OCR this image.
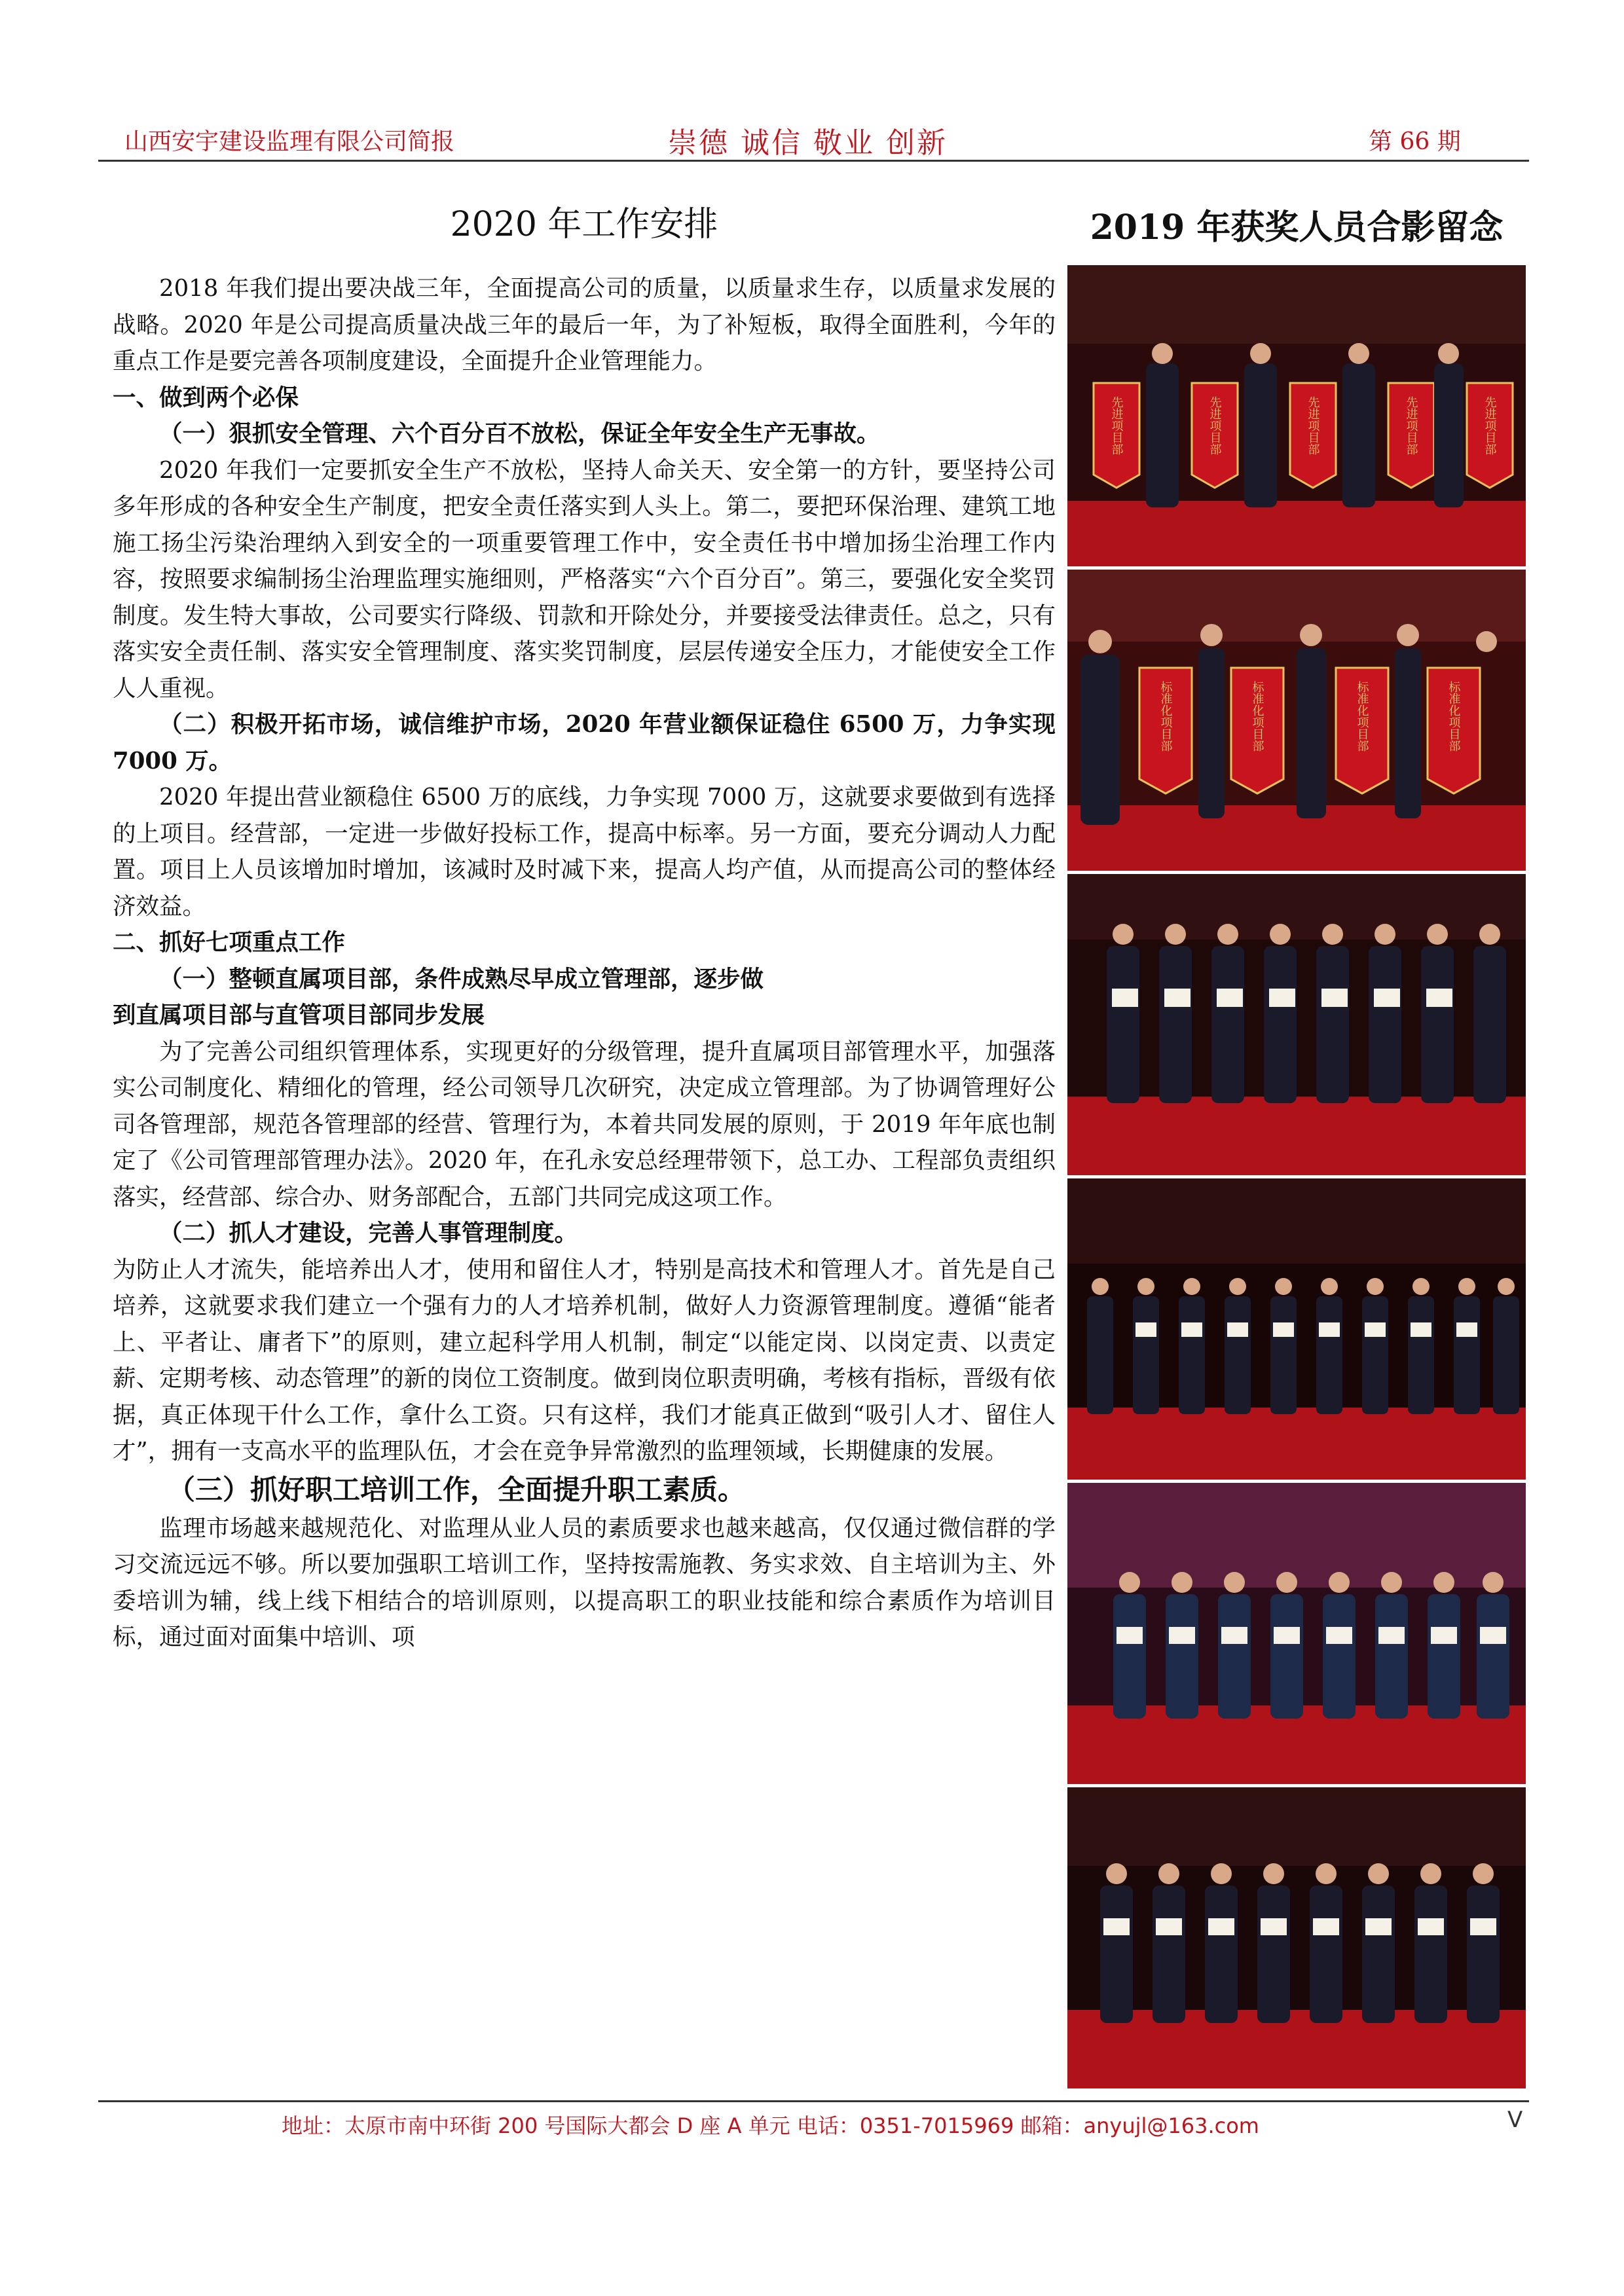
山西安宇建设监理有限公司简报	崇德 诚信 敬业 创新	第 66 期
2020 年工作安排

2018 年我们提出要决战三年，全面提高公司的质量，以质量求生存，以质量求发展的战略。2020 年是公司提高质量决战三年的最后一年，为了补短板，取得全面胜利，今年的重点工作是要完善各项制度建设，全面提升企业管理能力。

一、做到两个必保

（一）狠抓安全管理、六个百分百不放松，保证全年安全生产无事故。

2020 年我们一定要抓安全生产不放松，坚持人命关天、安全第一的方针，要坚持公司多年形成的各种安全生产制度，把安全责任落实到人头上。第二，要把环保治理、建筑工地施工扬尘污染治理纳入到安全的一项重要管理工作中，安全责任书中增加扬尘治理工作内容，按照要求编制扬尘治理监理实施细则，严格落实“六个百分百”。第三，要强化安全奖罚制度。发生特大事故，公司要实行降级、罚款和开除处分，并要接受法律责任。总之，只有落实安全责任制、落实安全管理制度、落实奖罚制度，层层传递安全压力，才能使安全工作人人重视。

（二）积极开拓市场，诚信维护市场，2020 年营业额保证稳住 6500 万，力争实现 7000 万。

2020 年提出营业额稳住 6500 万的底线，力争实现 7000 万，这就要求要做到有选择的上项目。经营部，一定进一步做好投标工作，提高中标率。另一方面，要充分调动人力配置。项目上人员该增加时增加，该减时及时减下来，提高人均产值，从而提高公司的整体经济效益。

二、抓好七项重点工作

（一）整顿直属项目部，条件成熟尽早成立管理部，逐步做

到直属项目部与直管项目部同步发展

为了完善公司组织管理体系，实现更好的分级管理，提升直属项目部管理水平，加强落实公司制度化、精细化的管理，经公司领导几次研究，决定成立管理部。为了协调管理好公司各管理部，规范各管理部的经营、管理行为，本着共同发展的原则，于 2019 年年底也制定了《公司管理部管理办法》。2020 年，在孔永安总经理带领下，总工办、工程部负责组织落实，经营部、综合办、财务部配合，五部门共同完成这项工作。

（二）抓人才建设，完善人事管理制度。

为防止人才流失，能培养出人才，使用和留住人才，特别是高技术和管理人才。首先是自己培养，这就要求我们建立一个强有力的人才培养机制，做好人力资源管理制度。遵循“能者上、平者让、庸者下”的原则，建立起科学用人机制，制定“以能定岗、以岗定责、以责定薪、定期考核、动态管理”的新的岗位工资制度。做到岗位职责明确，考核有指标，晋级有依据，真正体现干什么工作，拿什么工资。只有这样，我们才能真正做到“吸引人才、留住人才”，拥有一支高水平的监理队伍，才会在竞争异常激烈的监理领域，长期健康的发展。

（三）抓好职工培训工作，全面提升职工素质。

监理市场越来越规范化、对监理从业人员的素质要求也越来越高，仅仅通过微信群的学习交流远远不够。所以要加强职工培训工作，坚持按需施教、务实求效、自主培训为主、外委培训为辅，线上线下相结合的培训原则，以提高职工的职业技能和综合素质作为培训目标，通过面对面集中培训、项

2019 年获奖人员合影留念
先进项目部	先进项目部	先进项目部	先进项目部	先进项目部
标准化项目部	标准化项目部	标准化项目部	标准化项目部
地址：太原市南中环街 200 号国际大都会 D 座 A 单元 电话：0351-7015969 邮箱：anyujl@163.com	V
